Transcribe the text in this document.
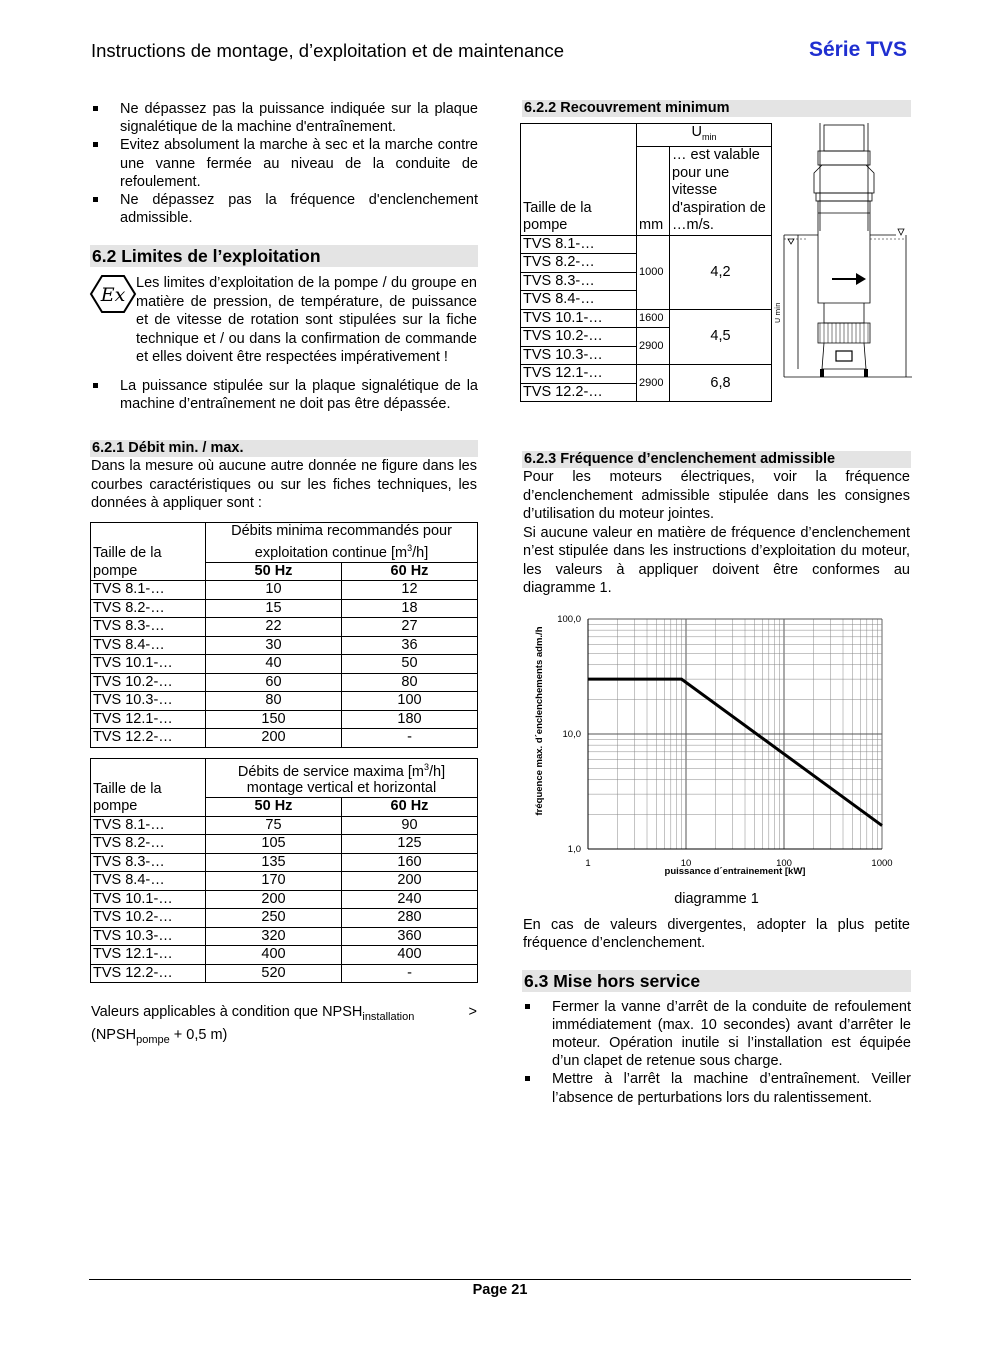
Instructions de montage, d’exploitation et de maintenance	Série TVS
Ne dépassez pas la puissance indiquée sur la plaque signalétique de la machine d'entraînement.
Evitez absolument la marche à sec et la marche contre une vanne fermée au niveau de la conduite de refoulement.
Ne dépassez pas la fréquence d'enclenchement admissible.
6.2 Limites de l’exploitation
Ex
Les limites d’exploitation de la pompe / du groupe en matière de pression, de température, de puissance et de vitesse de rotation sont stipulées sur la fiche technique et / ou dans la confirmation de commande et elles doivent être respectées impérativement !
La puissance stipulée sur la plaque signalétique de la machine d’entraînement ne doit pas être dépassée.
6.2.1 Débit min. / max.
Dans la mesure où aucune autre donnée ne figure dans les courbes caractéristiques ou sur les fiches techniques, les données à appliquer sont :
Taille de la
pompe	Débits minima recommandés pour exploitation continue $[m^3/h]$	
	50 Hz	60 Hz
TVS 8.1-…	10	12
TVS 8.2-…	15	18
TVS 8.3-…	22	27
TVS 8.4-…	30	36
TVS 10.1-…	40	50
TVS 10.2-…	60	80
TVS 10.3-…	80	100
TVS 12.1-…	150	180
TVS 12.2-…	200	-
Taille de la
pompe	Débits de service maxima $[m^3/h]$ montage vertical et horizontal	
	50 Hz	60 Hz
TVS 8.1-…	75	90
TVS 8.2-…	105	125
TVS 8.3-…	135	160
TVS 8.4-…	170	200
TVS 10.1-…	200	240
TVS 10.2-…	250	280
TVS 10.3-…	320	360
TVS 12.1-…	400	400
TVS 12.2-…	520	-
Valeurs applicables à condition que $NPSH_{installation}$	>
($NPSH_{pompe} + 0,5$ m)
6.2.2 Recouvrement minimum
Taille de la
pompe	$U_{min}$
	mm	… est valable pour une vitesse d'aspiration de …m/s.
TVS 8.1-…	1000	4,2
TVS 8.2-…		
TVS 8.3-…		
TVS 8.4-…		
TVS 10.1-…	1600	4,5
TVS 10.2-…	2900	
TVS 10.3-…		
TVS 12.1-…	2900	6,8
TVS 12.2-…		
U min
6.2.3 Fréquence d’enclenchement admissible
Pour les moteurs électriques, voir la fréquence d’enclenchement admissible stipulée dans les consignes d’utilisation du moteur jointes.
Si aucune valeur en matière de fréquence d’enclenchement n’est stipulée dans les instructions d’exploitation du moteur, les valeurs à appliquer doivent être conformes au diagramme 1.
1	10	100	1000
100,0
10,0
1,0
puissance d´entrainement [kW]
fréquence max. d´enclenchements adm./h
diagramme 1
En cas de valeurs divergentes, adopter la plus petite fréquence d’enclenchement.
6.3 Mise hors service
Fermer la vanne d’arrêt de la conduite de refoulement immédiatement (max. 10 secondes) avant d’arrêter le moteur. Opération inutile si l’installation est équipée d’un clapet de retenue sous charge.
Mettre à l’arrêt la machine d’entraînement. Veiller l’absence de perturbations lors du ralentissement.
Page 21
